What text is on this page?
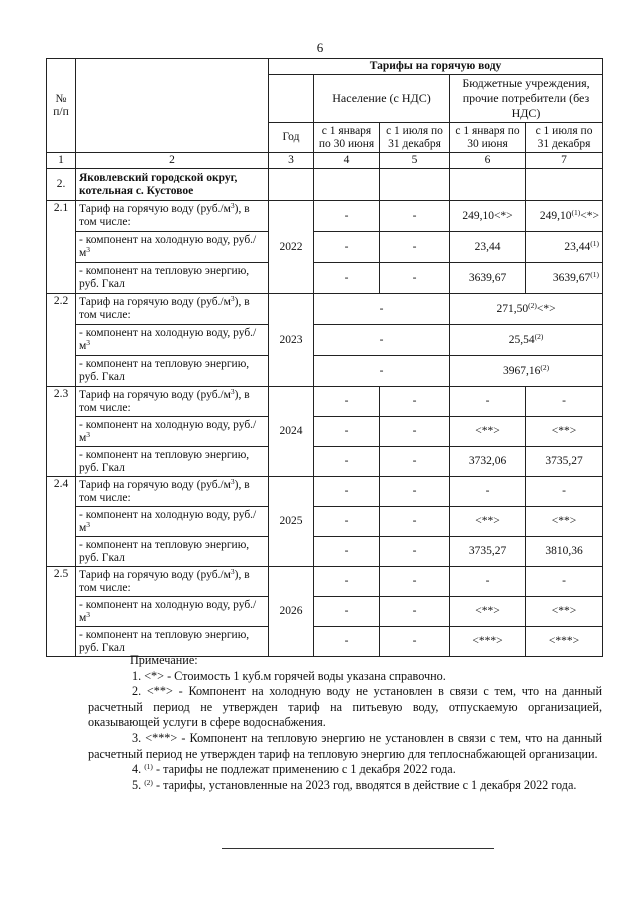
6
№ п/п		Тарифы на горячую воду				
			Население (с НДС)		Бюджетные учреждения, прочие потребители (без НДС)	
		Год	с 1 января по 30 июня	с 1 июля по 31 декабря	с 1 января по 30 июня	с 1 июля по 31 декабря
1	2	3	4	5	6	7
2.	Яковлевский городской округ, котельная с. Кустовое					
2.1	Тариф на горячую воду $(руб./м^3)$, в том числе:	2022	-	-	249,10<*>	$249,10^{(1)}<*>$
	- компонент на холодную воду, $руб./м^3$		-	-	23,44	23,44$^{(1)}$
	- компонент на тепловую энергию, руб. Гкал		-	-	3639,67	3639,67$^{(1)}$
2.2	Тариф на горячую воду $(руб./м^3)$, в том числе:	2023	-		$271,50^{(2)}<*>$	
	- компонент на холодную воду, $руб./м^3$		-		25,54$^{(2)}$
	- компонент на тепловую энергию, руб. Гкал		-		3967,16$^{(2)}$
2.3	Тариф на горячую воду $(руб./м^3)$, в том числе:	2024	-	-	-	-
	- компонент на холодную воду, $руб./м^3$		-	-	<**>	<**>
	- компонент на тепловую энергию, руб. Гкал		-	-	3732,06	3735,27
2.4	Тариф на горячую воду $(руб./м^3)$, в том числе:	2025	-	-	-	-
	- компонент на холодную воду, $руб./м^3$		-	-	<**>	<**>
	- компонент на тепловую энергию, руб. Гкал		-	-	3735,27	3810,36
2.5	Тариф на горячую воду $(руб./м^3)$, в том числе:	2026	-	-	-	-
	- компонент на холодную воду, $руб./м^3$		-	-	<**>	<**>
	- компонент на тепловую энергию, руб. Гкал		-	-	<***>	<***>

Примечание:

1. <*> - Стоимость 1 куб.м горячей воды указана справочно.

2. <**> - Компонент на холодную воду не установлен в связи с тем, что на данный расчетный период не утвержден тариф на питьевую воду, отпускаемую организацией, оказывающей услуги в сфере водоснабжения.

3. <***> - Компонент на тепловую энергию не установлен в связи с тем, что на данный расчетный период не утвержден тариф на тепловую энергию для теплоснабжающей организации.

4. $^{(1)}$ - тарифы не подлежат применению с 1 декабря 2022 года.

5. $^{(2)}$ - тарифы, установленные на 2023 год, вводятся в действие с 1 декабря 2022 года.
